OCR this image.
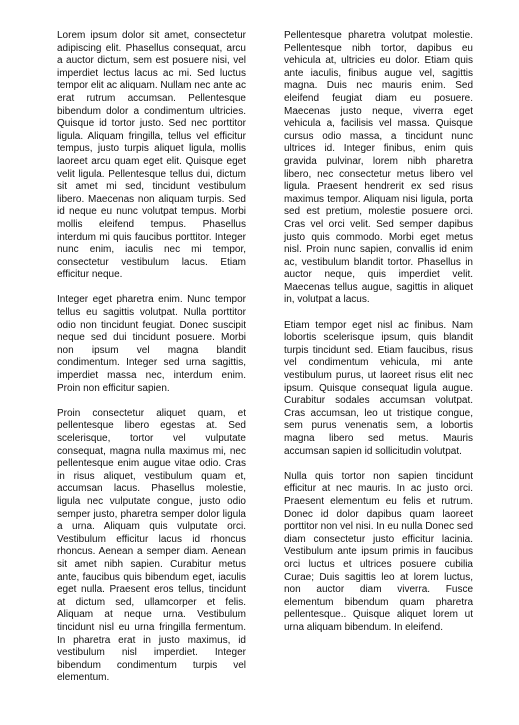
Lorem ipsum dolor sit amet, consectetur adipiscing elit. Phasellus consequat, arcu a auctor dictum, sem est posuere nisi, vel imperdiet lectus lacus ac mi. Sed luctus tempor elit ac aliquam. Nullam nec ante ac erat rutrum accumsan. Pellentesque bibendum dolor a condimentum ultricies. Quisque id tortor justo. Sed nec porttitor ligula. Aliquam fringilla, tellus vel efficitur tempus, justo turpis aliquet ligula, mollis laoreet arcu quam eget elit. Quisque eget velit ligula. Pellentesque tellus dui, dictum sit amet mi sed, tincidunt vestibulum libero. Maecenas non aliquam turpis. Sed id neque eu nunc volutpat tempus. Morbi mollis eleifend tempus. Phasellus interdum mi quis faucibus porttitor. Integer nunc enim, iaculis nec mi tempor, consectetur vestibulum lacus. Etiam efficitur neque.

Integer eget pharetra enim. Nunc tempor tellus eu sagittis volutpat. Nulla porttitor odio non tincidunt feugiat. Donec suscipit neque sed dui tincidunt posuere. Morbi non ipsum vel magna blandit condimentum. Integer sed urna sagittis, imperdiet massa nec, interdum enim. Proin non efficitur sapien.

Proin consectetur aliquet quam, et pellentesque libero egestas at. Sed scelerisque, tortor vel vulputate consequat, magna nulla maximus mi, nec pellentesque enim augue vitae odio. Cras in risus aliquet, vestibulum quam et, accumsan lacus. Phasellus molestie, ligula nec vulputate congue, justo odio semper justo, pharetra semper dolor ligula a urna. Aliquam quis vulputate orci. Vestibulum efficitur lacus id rhoncus rhoncus. Aenean a semper diam. Aenean sit amet nibh sapien. Curabitur metus ante, faucibus quis bibendum eget, iaculis eget nulla. Praesent eros tellus, tincidunt at dictum sed, ullamcorper et felis. Aliquam at neque urna. Vestibulum tincidunt nisl eu urna fringilla fermentum. In pharetra erat in justo maximus, id vestibulum nisl imperdiet. Integer bibendum condimentum turpis vel elementum.

Pellentesque pharetra volutpat molestie. Pellentesque nibh tortor, dapibus eu vehicula at, ultricies eu dolor. Etiam quis ante iaculis, finibus augue vel, sagittis magna. Duis nec mauris enim. Sed eleifend feugiat diam eu posuere. Maecenas justo neque, viverra eget vehicula a, facilisis vel massa. Quisque cursus odio massa, a tincidunt nunc ultrices id. Integer finibus, enim quis gravida pulvinar, lorem nibh pharetra libero, nec consectetur metus libero vel ligula. Praesent hendrerit ex sed risus maximus tempor. Aliquam nisi ligula, porta sed est pretium, molestie posuere orci. Cras vel orci velit. Sed semper dapibus justo quis commodo. Morbi eget metus nisl. Proin nunc sapien, convallis id enim ac, vestibulum blandit tortor. Phasellus in auctor neque, quis imperdiet velit. Maecenas tellus augue, sagittis in aliquet in, volutpat a lacus.

Etiam tempor eget nisl ac finibus. Nam lobortis scelerisque ipsum, quis blandit turpis tincidunt sed. Etiam faucibus, risus vel condimentum vehicula, mi ante vestibulum purus, ut laoreet risus elit nec ipsum. Quisque consequat ligula augue. Curabitur sodales accumsan volutpat. Cras accumsan, leo ut tristique congue, sem purus venenatis sem, a lobortis magna libero sed metus. Mauris accumsan sapien id sollicitudin volutpat.

Nulla quis tortor non sapien tincidunt efficitur at nec mauris. In ac justo orci. Praesent elementum eu felis et rutrum. Donec id dolor dapibus quam laoreet porttitor non vel nisi. In eu nulla Donec sed diam consectetur justo efficitur lacinia. Vestibulum ante ipsum primis in faucibus orci luctus et ultrices posuere cubilia Curae; Duis sagittis leo at lorem luctus, non auctor diam viverra. Fusce elementum bibendum quam pharetra pellentesque.. Quisque aliquet lorem ut urna aliquam bibendum. In eleifend.
